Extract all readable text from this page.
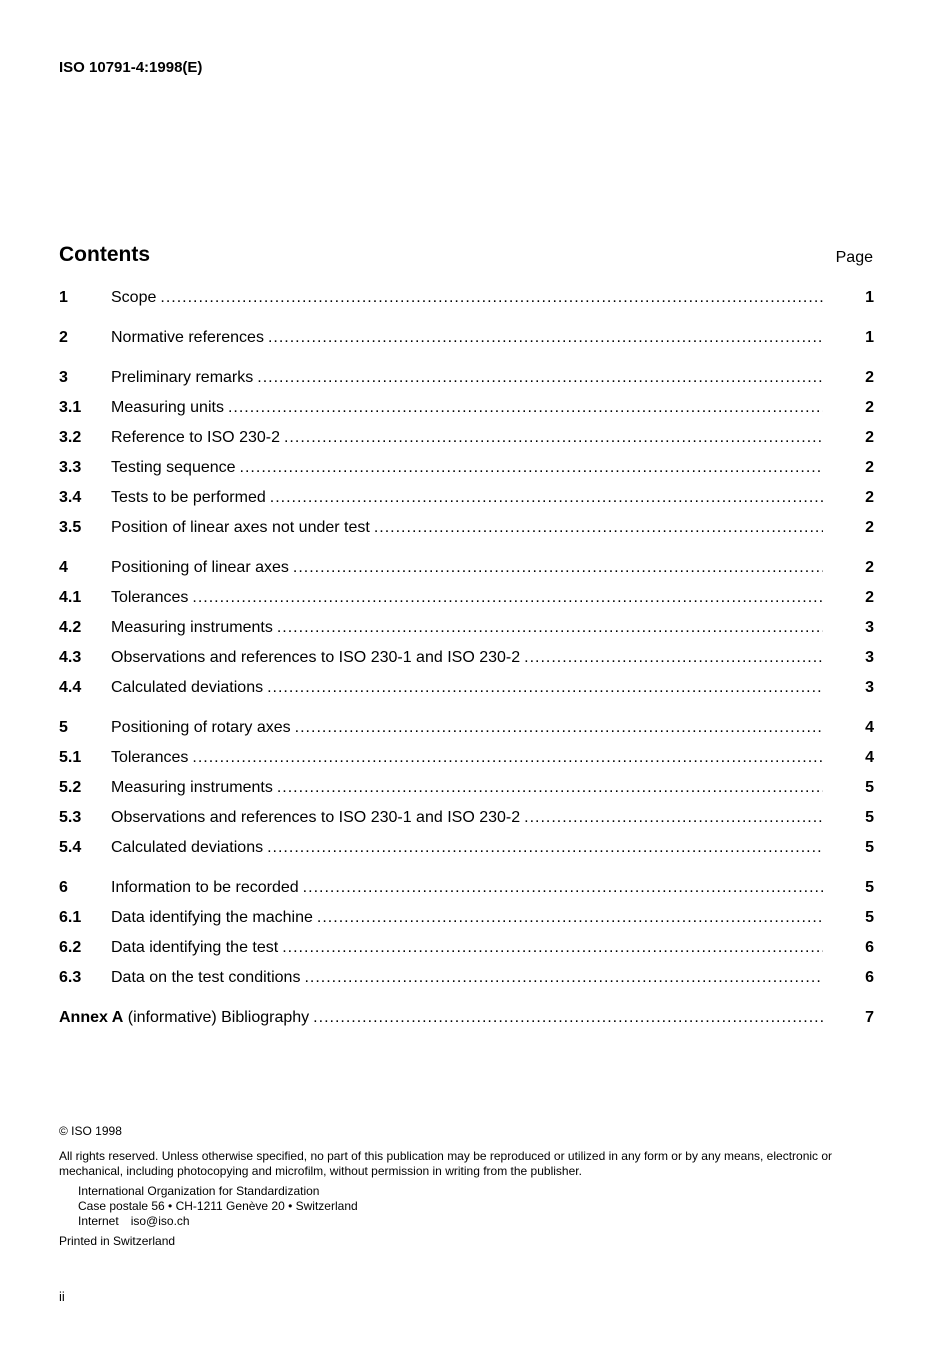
ISO 10791-4:1998(E)
Contents	Page
1	Scope .....	1
2	Normative references .....	1
3	Preliminary remarks .....	2
3.1 Measuring units .....	2
3.2 Reference to ISO 230-2 .....	2
3.3 Testing sequence .....	2
3.4 Tests to be performed .....	2
3.5 Position of linear axes not under test .....	2
4	Positioning of linear axes .....	2
4.1 Tolerances .....	2
4.2 Measuring instruments .....	3
4.3 Observations and references to ISO 230-1 and ISO 230-2 .....	3
4.4 Calculated deviations .....	3
5	Positioning of rotary axes .....	4
5.1 Tolerances .....	4
5.2 Measuring instruments .....	5
5.3 Observations and references to ISO 230-1 and ISO 230-2 .....	5
5.4 Calculated deviations .....	5
6	Information to be recorded .....	5
6.1 Data identifying the machine .....	5
6.2 Data identifying the test .....	6
6.3 Data on the test conditions .....	6
Annex A (informative) Bibliography .....	7

© ISO 1998

All rights reserved. Unless otherwise specified, no part of this publication may be reproduced or utilized in any form or by any means, electronic or mechanical, including photocopying and microfilm, without permission in writing from the publisher.

International Organization for Standardization

Case postale 56 • CH-1211 Genève 20 • Switzerland

Internet iso@iso.ch

Printed in Switzerland

ii
